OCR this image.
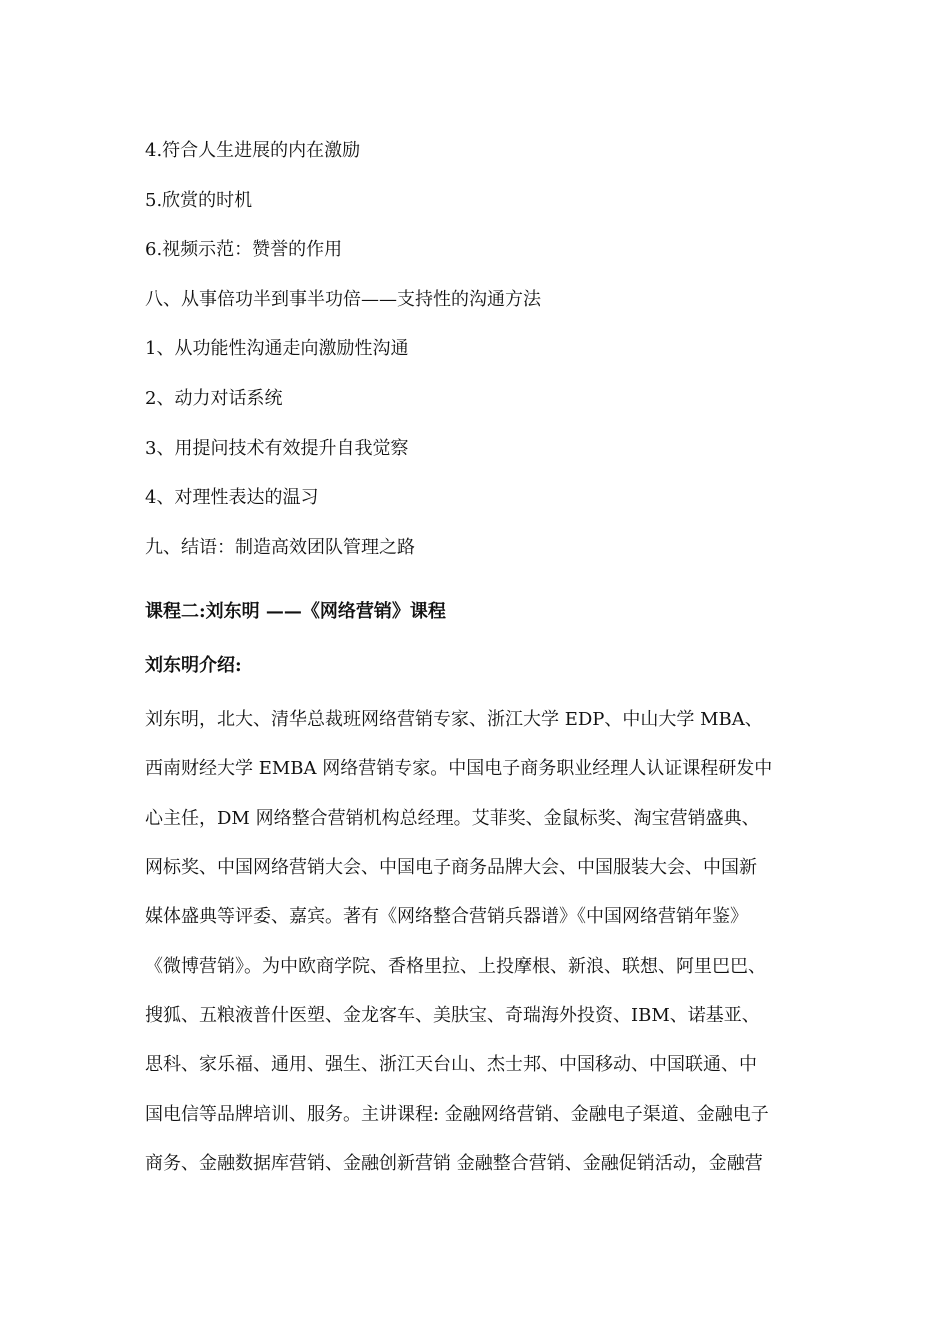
4.符合人生进展的内在激励
5.欣赏的时机
6.视频示范：赞誉的作用
八、从事倍功半到事半功倍——支持性的沟通方法
1、从功能性沟通走向激励性沟通
2、动力对话系统
3、用提问技术有效提升自我觉察
4、对理性表达的温习
九、结语：制造高效团队管理之路
课程二:刘东明 ——《网络营销》课程
刘东明介绍:
刘东明，北大、清华总裁班网络营销专家、浙江大学 EDP、中山大学 MBA、
西南财经大学 EMBA 网络营销专家。中国电子商务职业经理人认证课程研发中
心主任，DM 网络整合营销机构总经理。艾菲奖、金鼠标奖、淘宝营销盛典、
网标奖、中国网络营销大会、中国电子商务品牌大会、中国服装大会、中国新
媒体盛典等评委、嘉宾。著有《网络整合营销兵器谱》《中国网络营销年鉴》
《微博营销》。为中欧商学院、香格里拉、上投摩根、新浪、联想、阿里巴巴、
搜狐、五粮液普什医塑、金龙客车、美肤宝、奇瑞海外投资、IBM、诺基亚、
思科、家乐福、通用、强生、浙江天台山、杰士邦、中国移动、中国联通、中
国电信等品牌培训、服务。主讲课程: 金融网络营销、金融电子渠道、金融电子
商务、金融数据库营销、金融创新营销 金融整合营销、金融促销活动，金融营
